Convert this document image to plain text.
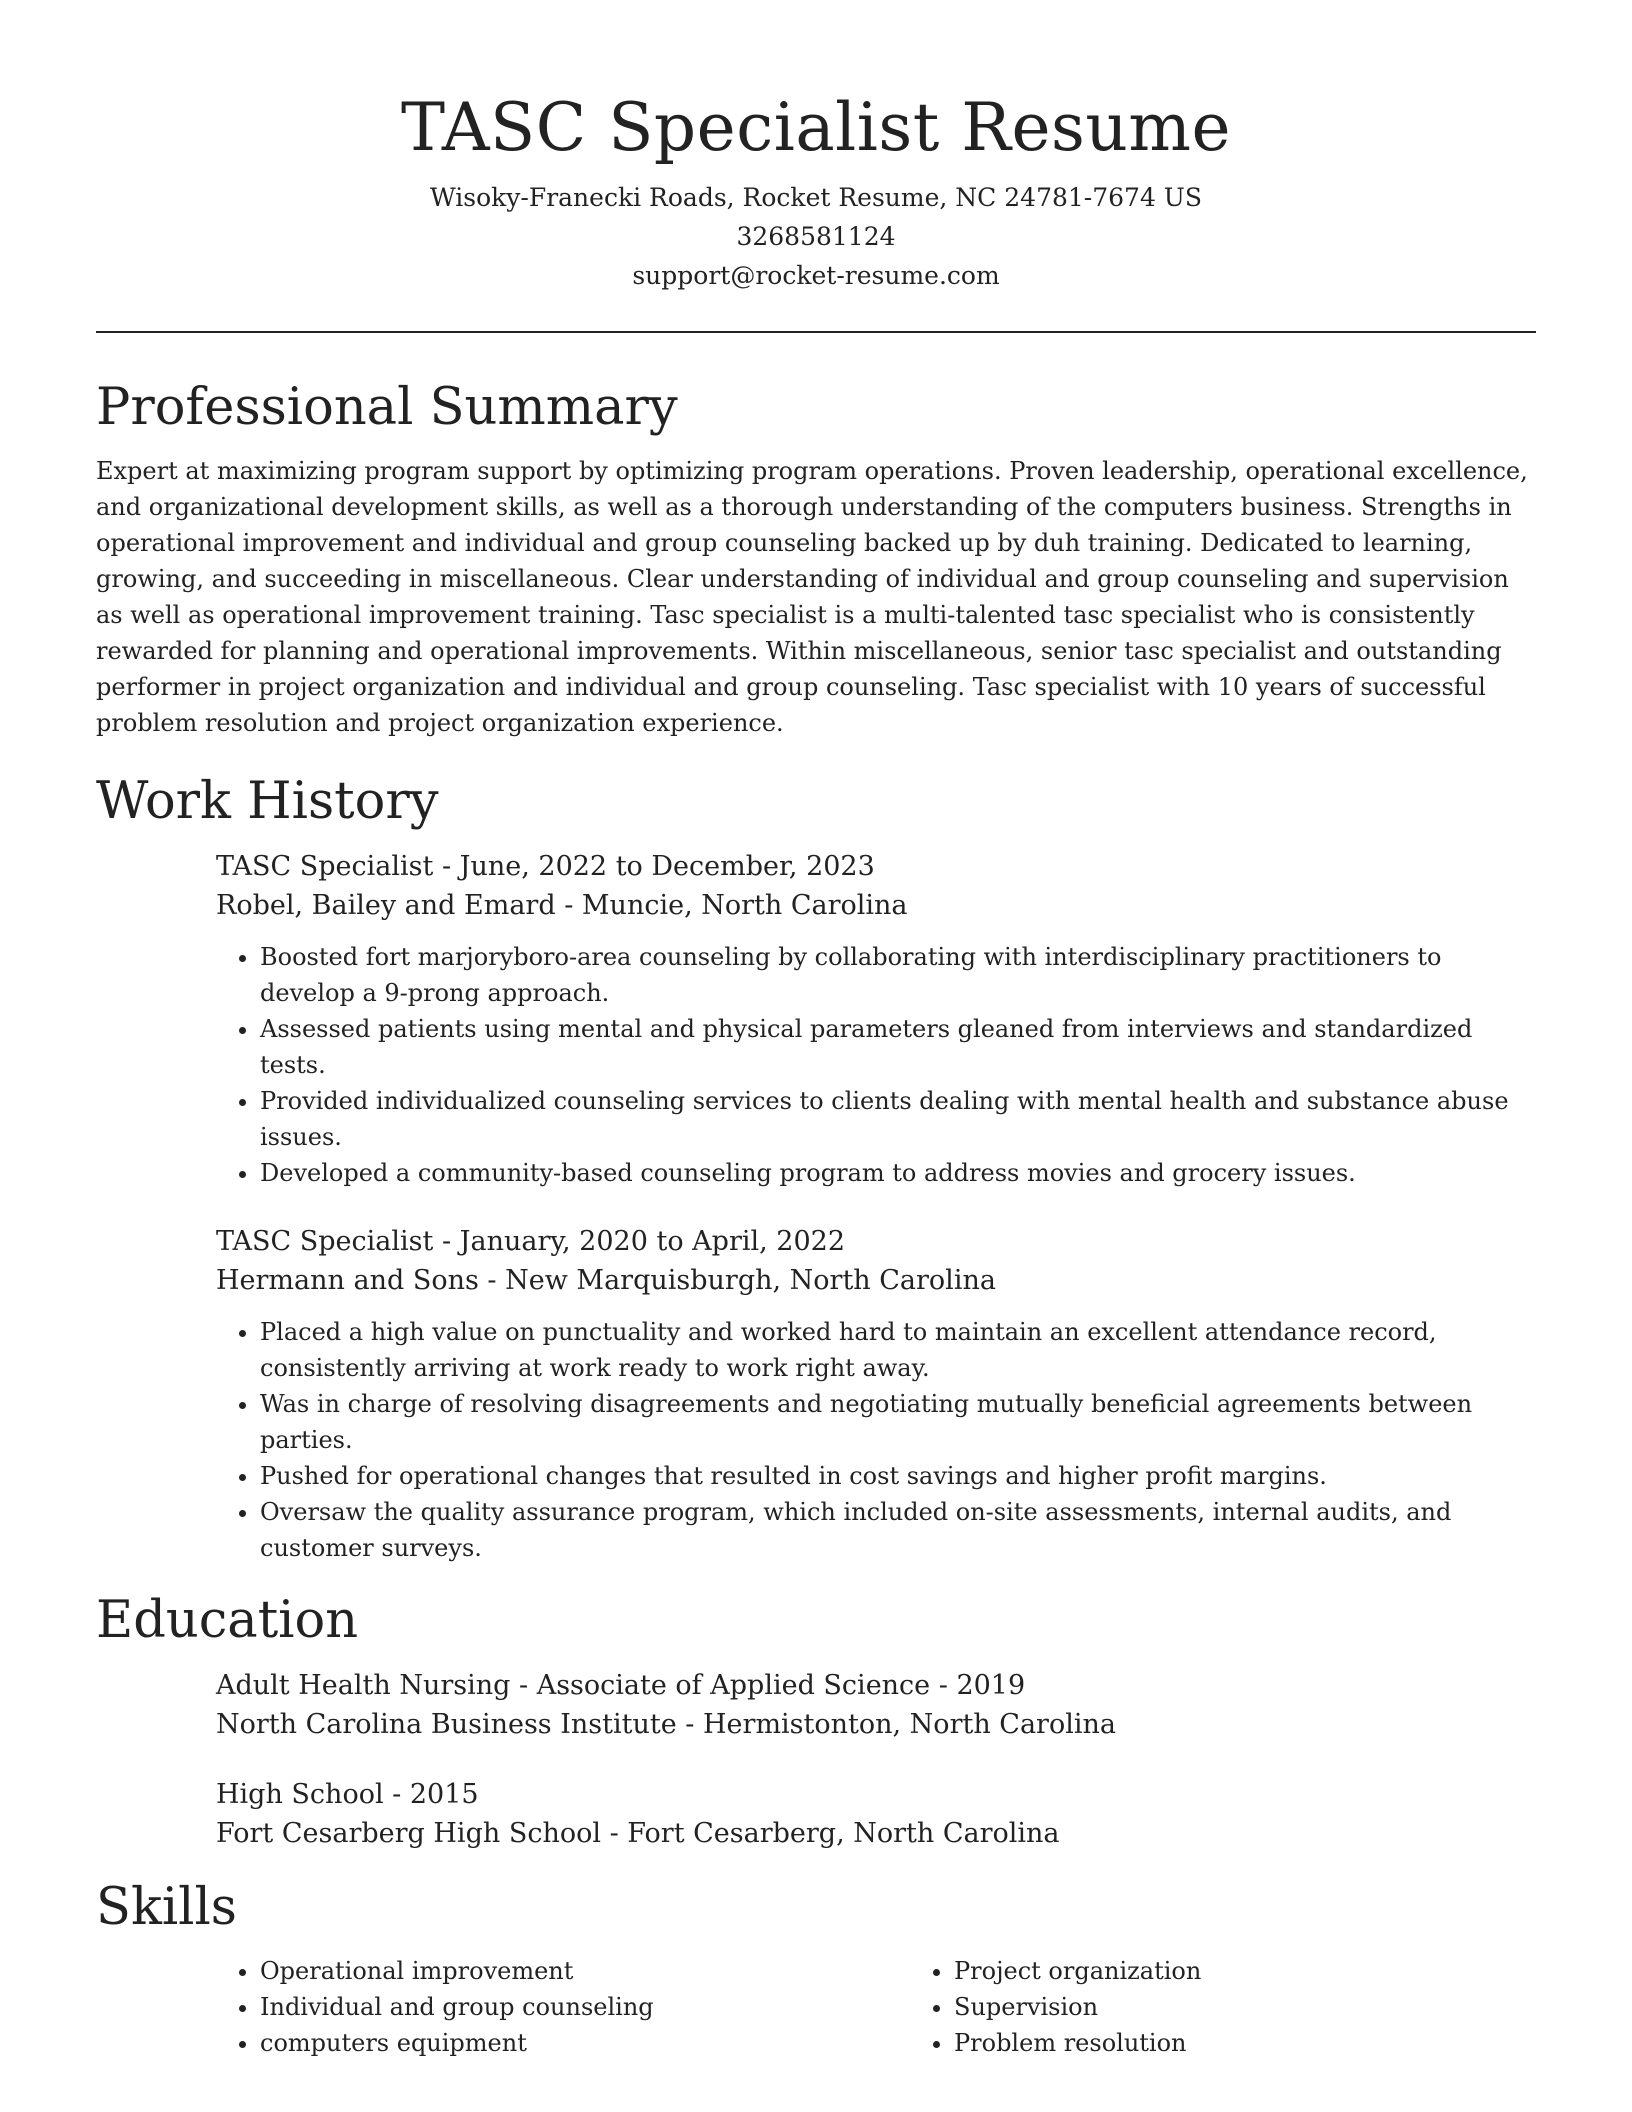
TASC Specialist Resume
Wisoky-Franecki Roads, Rocket Resume, NC 24781-7674 US
3268581124
support@rocket-resume.com
Professional Summary

Expert at maximizing program support by optimizing program operations. Proven leadership, operational excellence, and organizational development skills, as well as a thorough understanding of the computers business. Strengths in operational improvement and individual and group counseling backed up by duh training. Dedicated to learning, growing, and succeeding in miscellaneous. Clear understanding of individual and group counseling and supervision as well as operational improvement training. Tasc specialist is a multi-talented tasc specialist who is consistently rewarded for planning and operational improvements. Within miscellaneous, senior tasc specialist and outstanding performer in project organization and individual and group counseling. Tasc specialist with 10 years of successful problem resolution and project organization experience.

Work History
TASC Specialist - June, 2022 to December, 2023
Robel, Bailey and Emard - Muncie, North Carolina
• Boosted fort marjoryboro-area counseling by collaborating with interdisciplinary practitioners to develop a 9-prong approach.
• Assessed patients using mental and physical parameters gleaned from interviews and standardized tests.
• Provided individualized counseling services to clients dealing with mental health and substance abuse issues.
• Developed a community-based counseling program to address movies and grocery issues.
TASC Specialist - January, 2020 to April, 2022
Hermann and Sons - New Marquisburgh, North Carolina
• Placed a high value on punctuality and worked hard to maintain an excellent attendance record, consistently arriving at work ready to work right away.
• Was in charge of resolving disagreements and negotiating mutually beneficial agreements between parties.
• Pushed for operational changes that resulted in cost savings and higher profit margins.
• Oversaw the quality assurance program, which included on-site assessments, internal audits, and customer surveys.
Education
Adult Health Nursing - Associate of Applied Science - 2019
North Carolina Business Institute - Hermistonton, North Carolina
High School - 2015
Fort Cesarberg High School - Fort Cesarberg, North Carolina
Skills
• Operational improvement
• Individual and group counseling
• computers equipment
• Project organization
• Supervision
• Problem resolution
